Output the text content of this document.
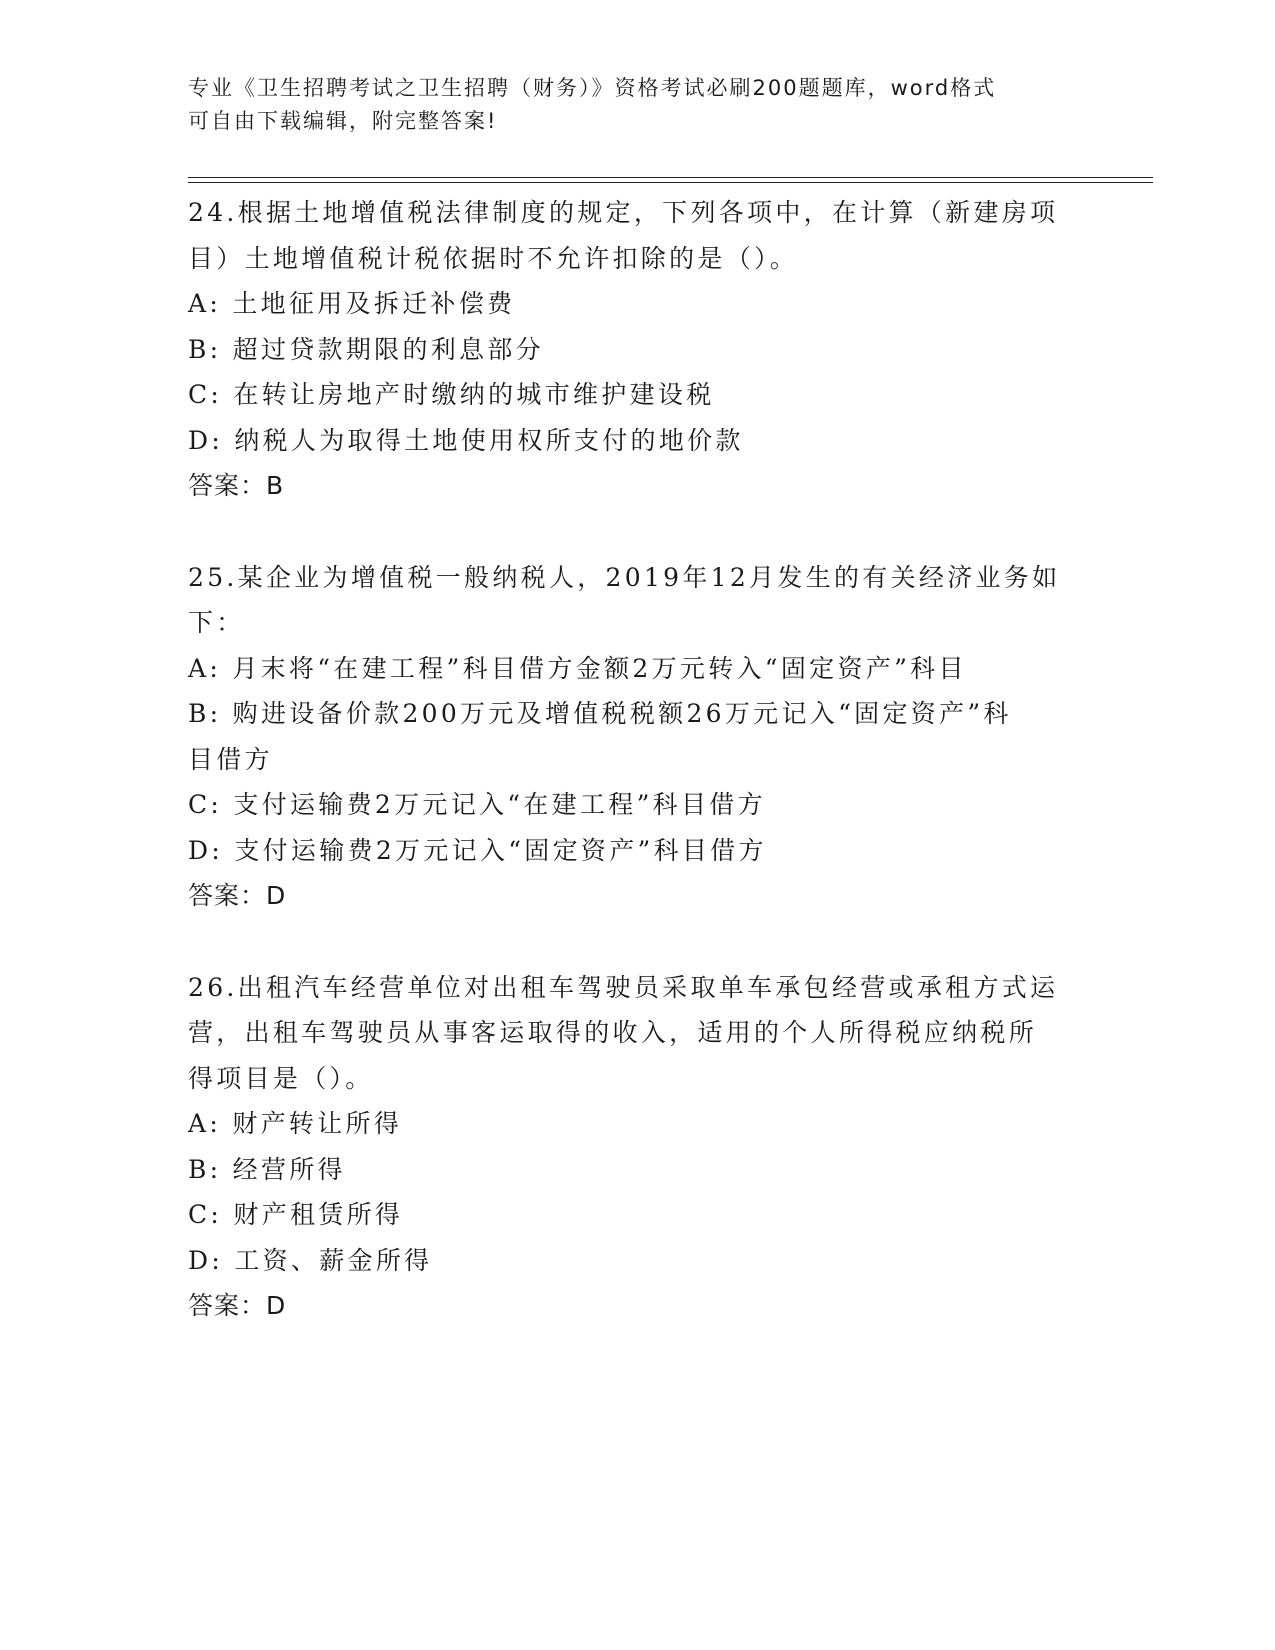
专业《卫生招聘考试之卫生招聘（财务）》资格考试必刷200题题库，word格式
可自由下载编辑，附完整答案!
24.根据土地增值税法律制度的规定，下列各项中，在计算（新建房项
目）土地增值税计税依据时不允许扣除的是（）。
A: 土地征用及拆迁补偿费
B: 超过贷款期限的利息部分
C: 在转让房地产时缴纳的城市维护建设税
D: 纳税人为取得土地使用权所支付的地价款
答案：B
25.某企业为增值税一般纳税人，2019年12月发生的有关经济业务如
下：
A: 月末将“在建工程”科目借方金额2万元转入“固定资产”科目
B: 购进设备价款200万元及增值税税额26万元记入“固定资产”科
目借方
C: 支付运输费2万元记入“在建工程”科目借方
D: 支付运输费2万元记入“固定资产”科目借方
答案：D
26.出租汽车经营单位对出租车驾驶员采取单车承包经营或承租方式运
营，出租车驾驶员从事客运取得的收入，适用的个人所得税应纳税所
得项目是（）。
A: 财产转让所得
B: 经营所得
C: 财产租赁所得
D: 工资、薪金所得
答案：D
